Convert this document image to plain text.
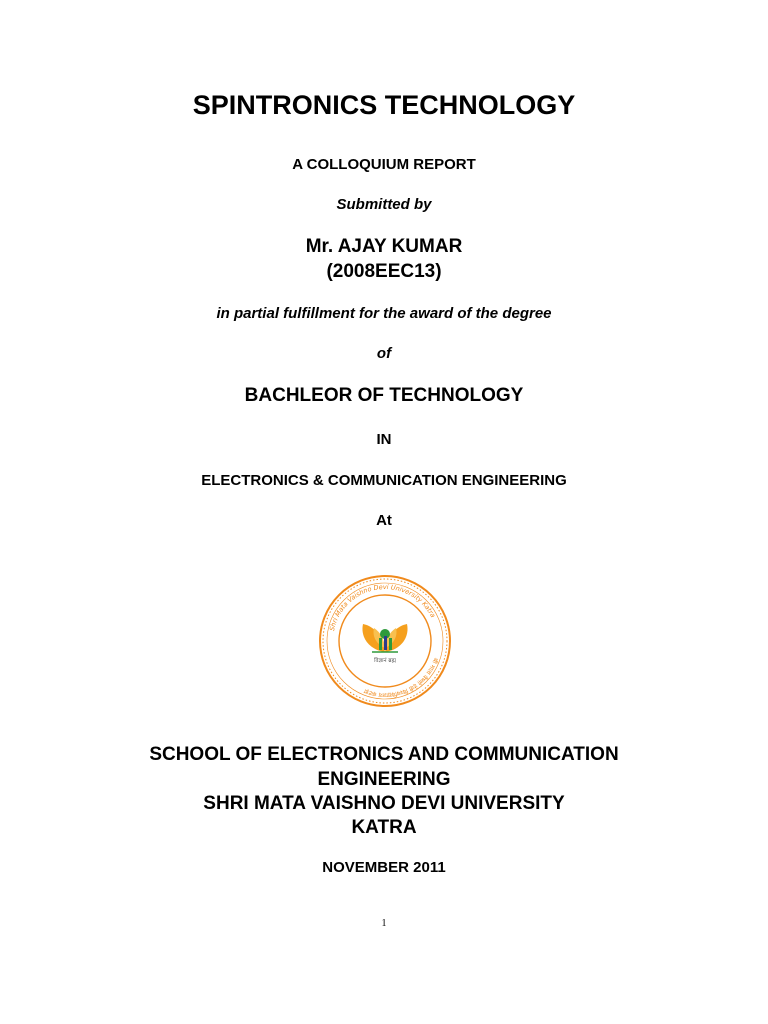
SPINTRONICS TECHNOLOGY
A COLLOQUIUM REPORT
Submitted by
Mr. AJAY KUMAR
(2008EEC13)
in partial fulfillment for the award of the degree
of
BACHLEOR OF TECHNOLOGY
IN
ELECTRONICS & COMMUNICATION ENGINEERING
At
Shri Mata Vaishno Devi University Katra
श्री माता वैष्णो देवी विश्वविद्यालय कटड़ा
विज्ञानं ब्रह्म
SCHOOL OF ELECTRONICS AND COMMUNICATION
ENGINEERING
SHRI MATA VAISHNO DEVI UNIVERSITY
KATRA
NOVEMBER 2011
1
